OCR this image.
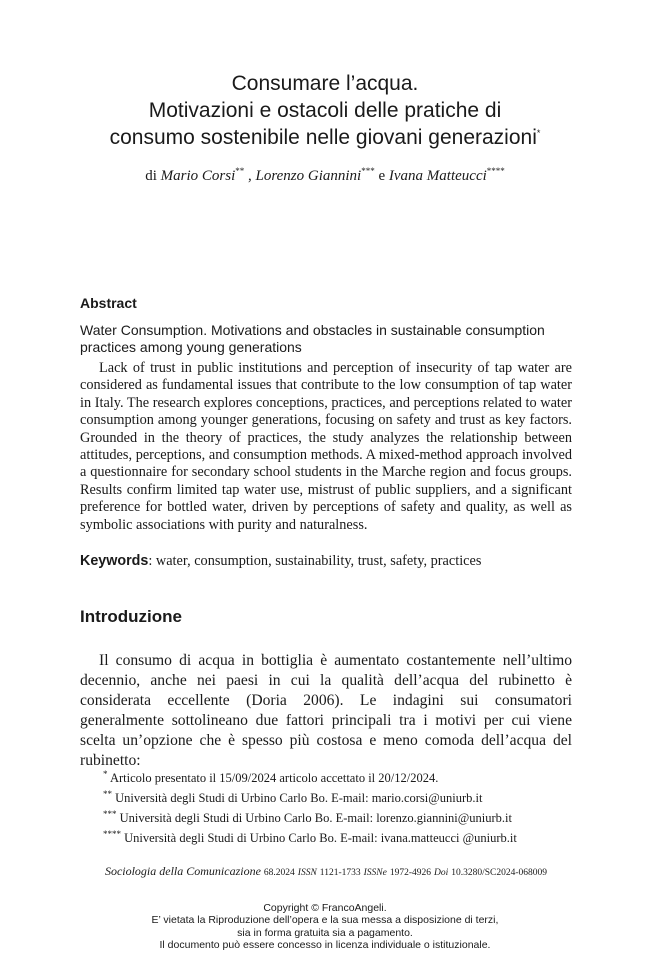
Consumare l’acqua.
Motivazioni e ostacoli delle pratiche di
consumo sostenibile nelle giovani generazioni*
di Mario Corsi** , Lorenzo Giannini*** e Ivana Matteucci****
Abstract
Water Consumption. Motivations and obstacles in sustainable consumption practices among young generations
Lack of trust in public institutions and perception of insecurity of tap water are considered as fundamental issues that contribute to the low consumption of tap water in Italy. The research explores conceptions, practices, and perceptions related to water consumption among younger generations, focusing on safety and trust as key factors. Grounded in the theory of practices, the study analyzes the relationship between attitudes, perceptions, and consumption methods. A mixed-method approach involved a questionnaire for secondary school students in the Marche region and focus groups. Results confirm limited tap water use, mistrust of public suppliers, and a significant preference for bottled water, driven by perceptions of safety and quality, as well as symbolic associations with purity and naturalness.
Keywords: water, consumption, sustainability, trust, safety, practices
Introduzione
Il consumo di acqua in bottiglia è aumentato costantemente nell’ultimo decennio, anche nei paesi in cui la qualità dell’acqua del rubinetto è considerata eccellente (Doria 2006). Le indagini sui consumatori generalmente sottolineano due fattori principali tra i motivi per cui viene scelta un’opzione che è spesso più costosa e meno comoda dell’acqua del rubinetto:
* Articolo presentato il 15/09/2024 articolo accettato il 20/12/2024.
** Università degli Studi di Urbino Carlo Bo. E-mail: mario.corsi@uniurb.it
*** Università degli Studi di Urbino Carlo Bo. E-mail: lorenzo.giannini@uniurb.it
**** Università degli Studi di Urbino Carlo Bo. E-mail: ivana.matteucci @uniurb.it
Sociologia della Comunicazione 68.2024 ISSN 1121-1733 ISSNe 1972-4926 Doi 10.3280/SC2024-068009
Copyright © FrancoAngeli.
E’ vietata la Riproduzione dell’opera e la sua messa a disposizione di terzi,
sia in forma gratuita sia a pagamento.
Il documento può essere concesso in licenza individuale o istituzionale.
